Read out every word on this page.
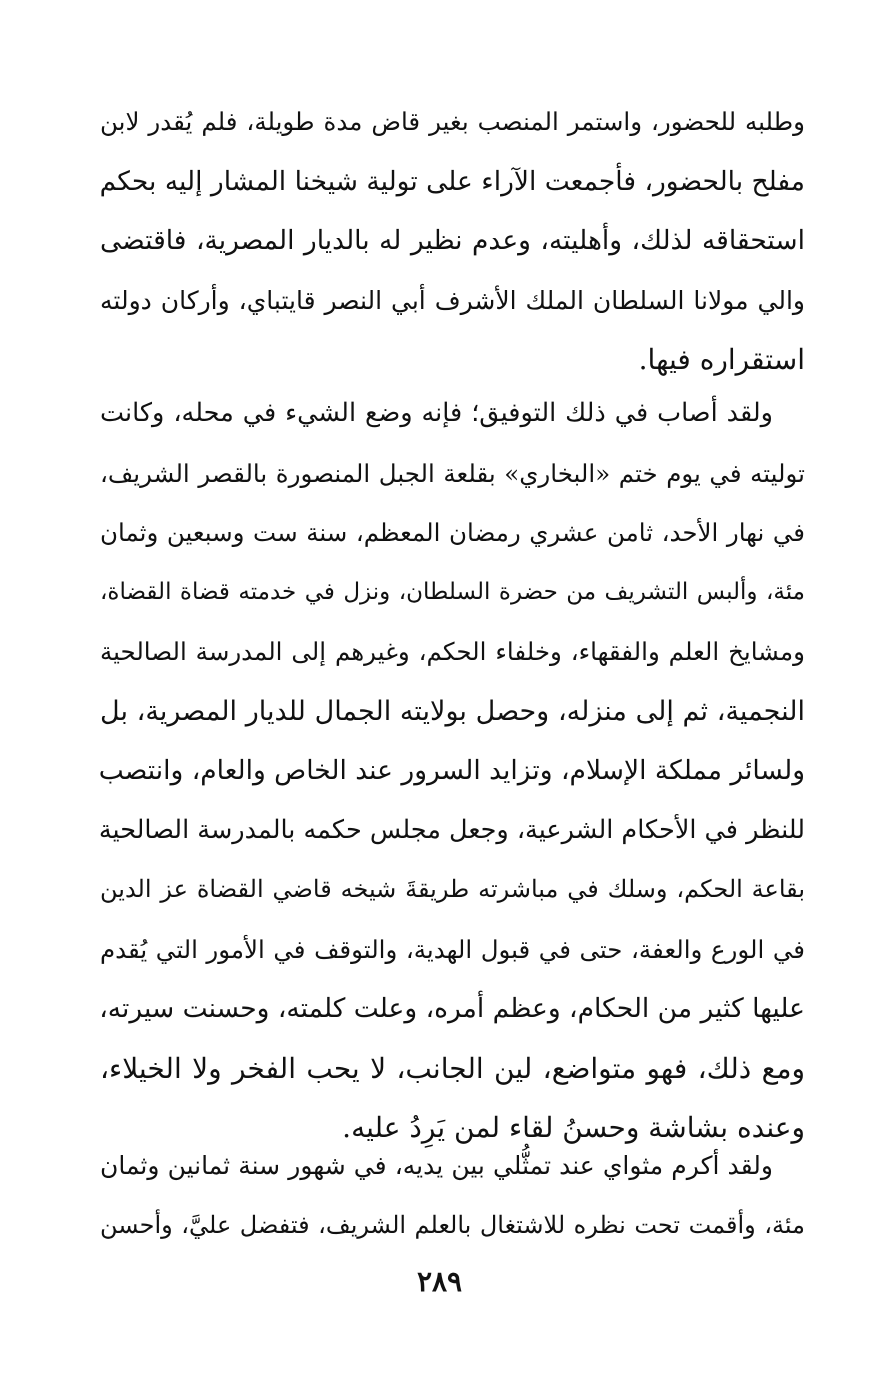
وطلبه للحضور، واستمر المنصب بغير قاض مدة طويلة، فلم يُقدر لابن
مفلح بالحضور، فأجمعت الآراء على تولية شيخنا المشار إليه بحكم
استحقاقه لذلك، وأهليته، وعدم نظير له بالديار المصرية، فاقتضى
والي مولانا السلطان الملك الأشرف أبي النصر قايتباي، وأركان دولته
استقراره فيها.
ولقد أصاب في ذلك التوفيق؛ فإنه وضع الشيء في محله، وكانت
توليته في يوم ختم «البخاري» بقلعة الجبل المنصورة بالقصر الشريف،
في نهار الأحد، ثامن عشري رمضان المعظم، سنة ست وسبعين وثمان
مئة، وألبس التشريف من حضرة السلطان، ونزل في خدمته قضاة القضاة،
ومشايخ العلم والفقهاء، وخلفاء الحكم، وغيرهم إلى المدرسة الصالحية
النجمية، ثم إلى منزله، وحصل بولايته الجمال للديار المصرية، بل
ولسائر مملكة الإسلام، وتزايد السرور عند الخاص والعام، وانتصب
للنظر في الأحكام الشرعية، وجعل مجلس حكمه بالمدرسة الصالحية
بقاعة الحكم، وسلك في مباشرته طريقةَ شيخه قاضي القضاة عز الدين
في الورع والعفة، حتى في قبول الهدية، والتوقف في الأمور التي يُقدم
عليها كثير من الحكام، وعظم أمره، وعلت كلمته، وحسنت سيرته،
ومع ذلك، فهو متواضع، لين الجانب، لا يحب الفخر ولا الخيلاء،
وعنده بشاشة وحسنُ لقاء لمن يَرِدُ عليه.
ولقد أكرم مثواي عند تمثُّلي بين يديه، في شهور سنة ثمانين وثمان
مئة، وأقمت تحت نظره للاشتغال بالعلم الشريف، فتفضل عليَّ، وأحسن
٢٨٩
